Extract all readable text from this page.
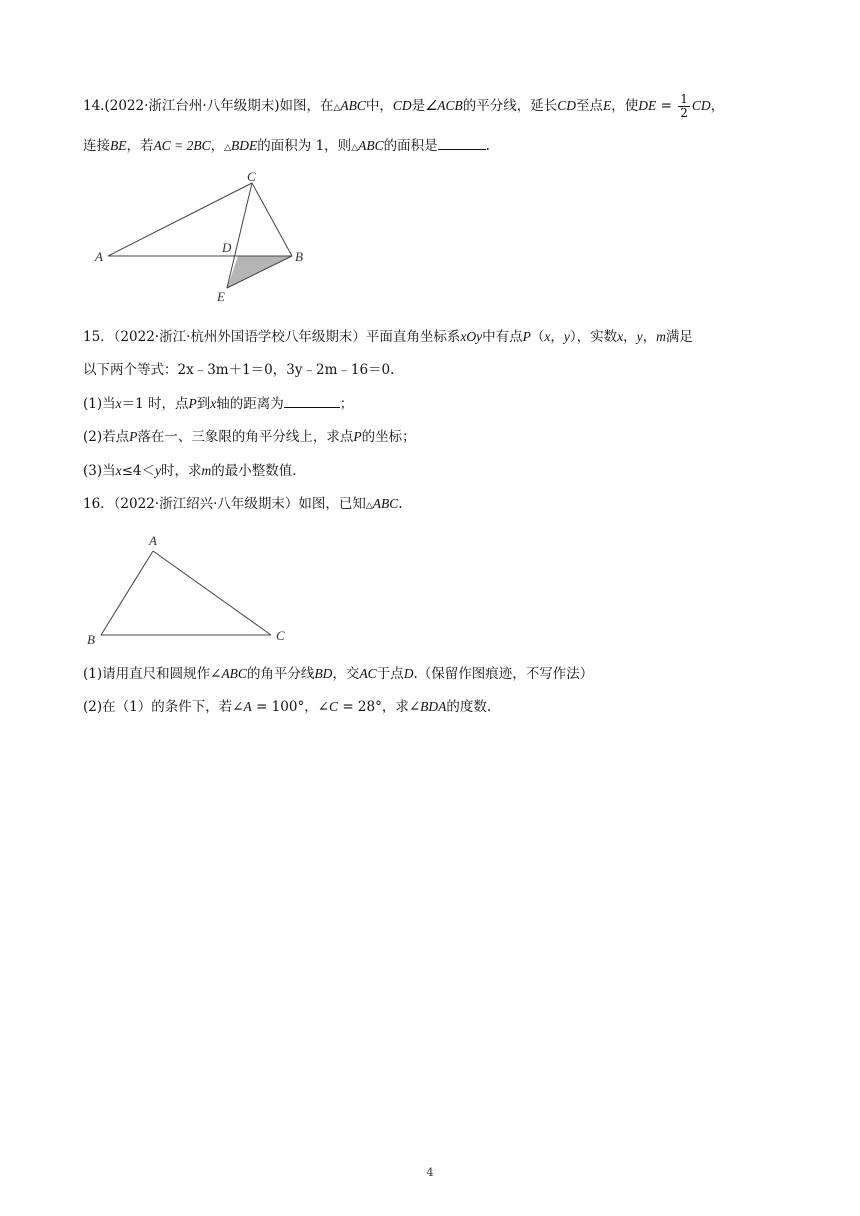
14.(2022·浙江台州·八年级期末)如图，在△ABC中，CD是∠ACB的平分线，延长CD至点E，使DE = $\frac{1}{2}$ CD，
连接BE，若AC = 2BC，△BDE的面积为 1，则△ABC的面积是	.
A
C
D
B
E
15．（2022·浙江·杭州外国语学校八年级期末）平面直角坐标系xOy中有点P（x，y），实数x，y，m满足
以下两个等式：2x﹣3m＋1＝0，3y﹣2m﹣16＝0.
(1)当x＝1 时，点P到x轴的距离为	；
(2)若点P落在一、三象限的角平分线上，求点P的坐标；
(3)当x≤4＜y时，求m的最小整数值.
16．（2022·浙江绍兴·八年级期末）如图，已知△ABC.
A
B	C
(1)请用直尺和圆规作∠ABC的角平分线BD，交AC于点D.（保留作图痕迹，不写作法）
(2)在（1）的条件下，若∠A = 100°，∠C = 28°，求∠BDA的度数.
4
